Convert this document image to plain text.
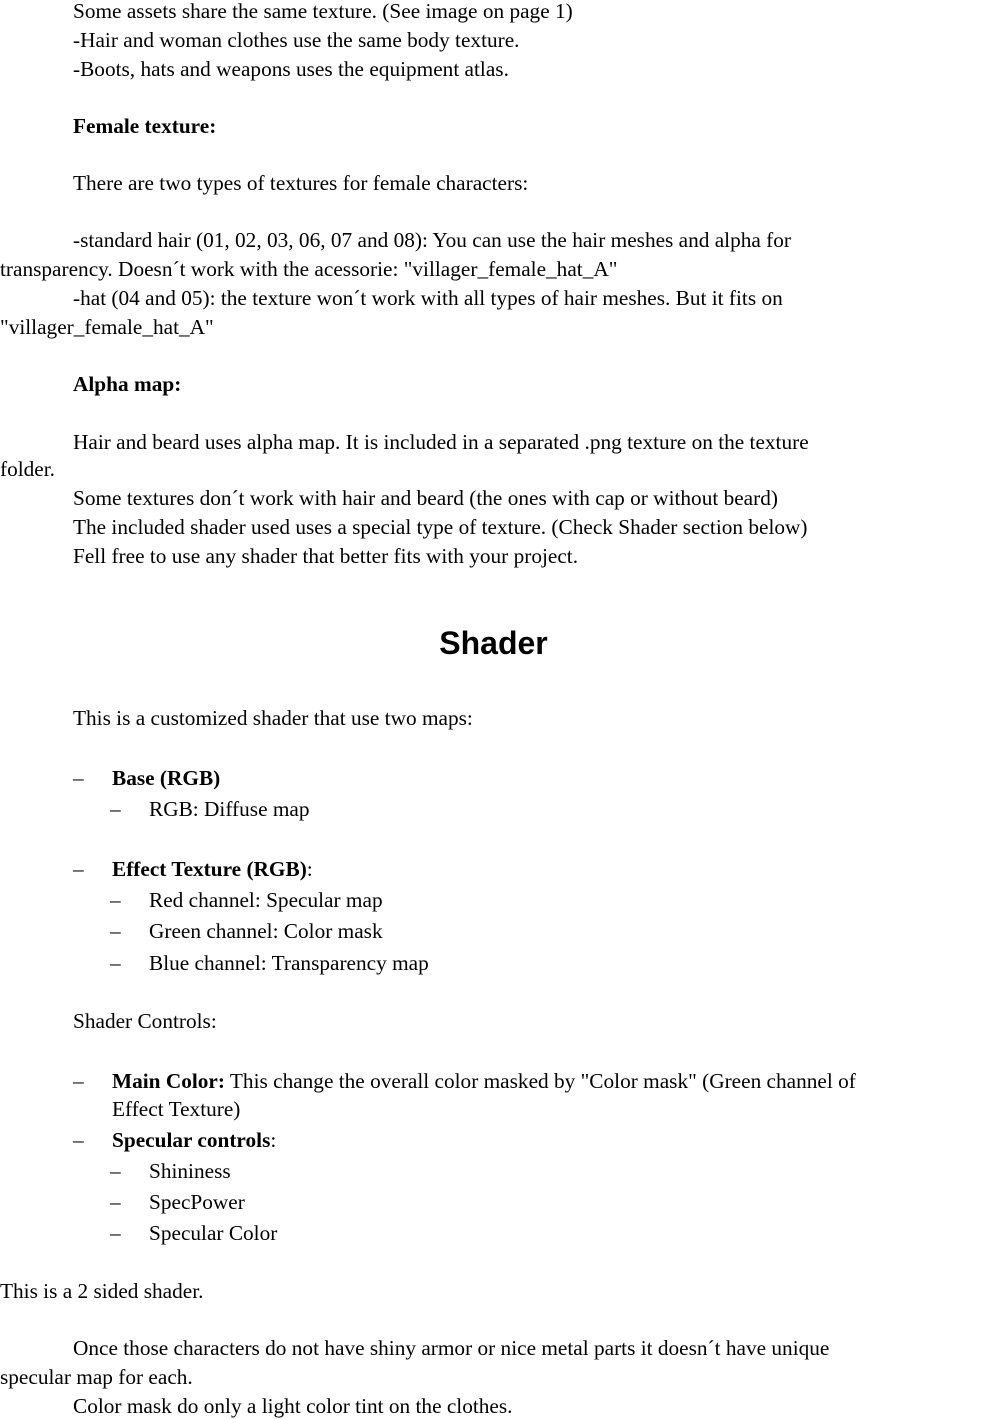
Some assets share the same texture. (See image on page 1)
-Hair and woman clothes use the same body texture.
-Boots, hats and weapons uses the equipment atlas.
Female texture:
There are two types of textures for female characters:
-standard hair (01, 02, 03, 06, 07 and 08): You can use the hair meshes and alpha for
transparency. Doesn´t work with the acessorie: "villager_female_hat_A"
-hat (04 and 05): the texture won´t work with all types of hair meshes. But it fits on
"villager_female_hat_A"
Alpha map:
Hair and beard uses alpha map. It is included in a separated .png texture on the texture
folder.
Some textures don´t work with hair and beard (the ones with cap or without beard)
The included shader used uses a special type of texture. (Check Shader section below)
Fell free to use any shader that better fits with your project.
Shader
This is a customized shader that use two maps:
– Base (RGB)
– RGB: Diffuse map
– Effect Texture (RGB):
– Red channel: Specular map
– Green channel: Color mask
– Blue channel: Transparency map
Shader Controls:
– Main Color: This change the overall color masked by "Color mask" (Green channel of
Effect Texture)
– Specular controls:
– Shininess
– SpecPower
– Specular Color
This is a 2 sided shader.
Once those characters do not have shiny armor or nice metal parts it doesn´t have unique
specular map for each.
Color mask do only a light color tint on the clothes.
